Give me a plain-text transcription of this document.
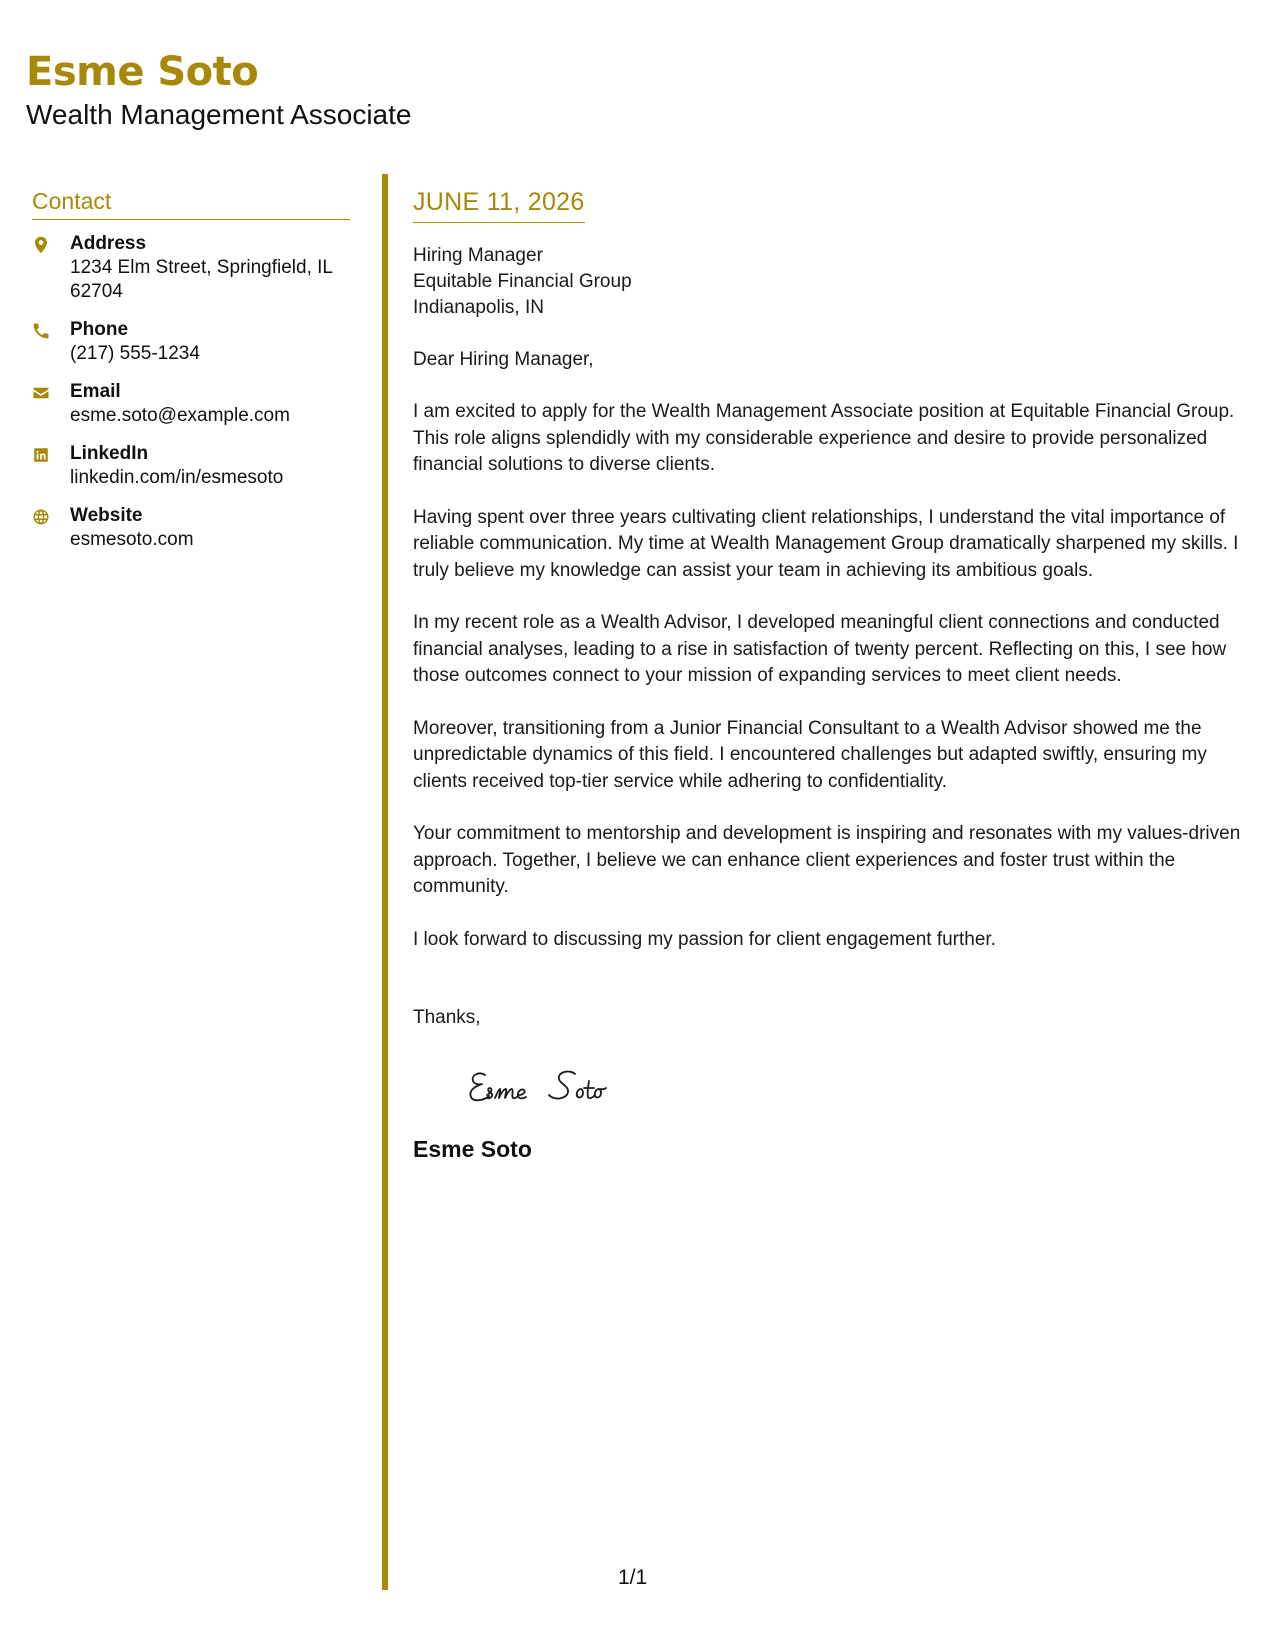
Esme Soto
Wealth Management Associate
Contact
Address
1234 Elm Street, Springfield, IL 62704
Phone
(217) 555-1234
Email
esme.soto@example.com
LinkedIn
linkedin.com/in/esmesoto
Website
esmesoto.com
JUNE 11, 2026
Hiring Manager
Equitable Financial Group
Indianapolis, IN
Dear Hiring Manager,

I am excited to apply for the Wealth Management Associate position at Equitable Financial Group. This role aligns splendidly with my considerable experience and desire to provide personalized financial solutions to diverse clients.

Having spent over three years cultivating client relationships, I understand the vital importance of reliable communication. My time at Wealth Management Group dramatically sharpened my skills. I truly believe my knowledge can assist your team in achieving its ambitious goals.

In my recent role as a Wealth Advisor, I developed meaningful client connections and conducted financial analyses, leading to a rise in satisfaction of twenty percent. Reflecting on this, I see how those outcomes connect to your mission of expanding services to meet client needs.

Moreover, transitioning from a Junior Financial Consultant to a Wealth Advisor showed me the unpredictable dynamics of this field. I encountered challenges but adapted swiftly, ensuring my clients received top-tier service while adhering to confidentiality.

Your commitment to mentorship and development is inspiring and resonates with my values-driven approach. Together, I believe we can enhance client experiences and foster trust within the community.

I look forward to discussing my passion for client engagement further.

Thanks,
Esme Soto
1/1
